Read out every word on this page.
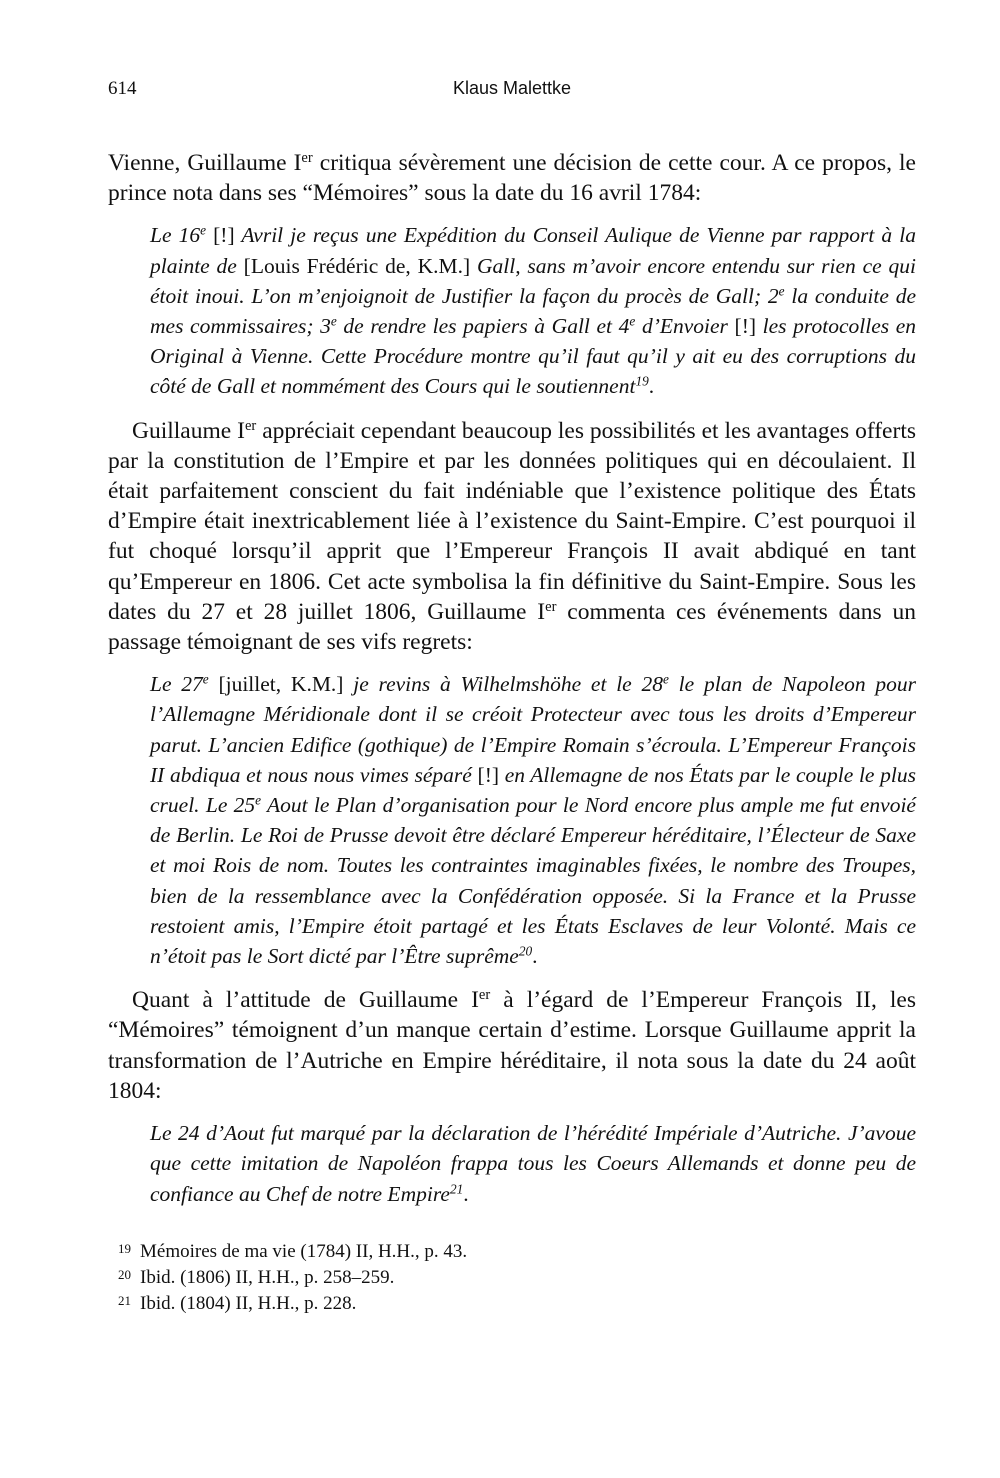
614	Klaus Malettke

Vienne, Guillaume Ier critiqua sévèrement une décision de cette cour. A ce propos, le prince nota dans ses “Mémoires” sous la date du 16 avril 1784:

Le 16e [!] Avril je reçus une Expédition du Conseil Aulique de Vienne par rapport à la plainte de [Louis Frédéric de, K.M.] Gall, sans m’avoir encore entendu sur rien ce qui étoit inoui. L’on m’enjoignoit de Justifier la façon du procès de Gall; 2e la conduite de mes commissaires; 3e de rendre les papiers à Gall et 4e d’Envoier [!] les protocolles en Original à Vienne. Cette Procédure montre qu’il faut qu’il y ait eu des corruptions du côté de Gall et nommément des Cours qui le soutiennent$^{19}$.

Guillaume Ier appréciait cependant beaucoup les possibilités et les avantages offerts par la constitution de l’Empire et par les données politiques qui en découlaient. Il était parfaitement conscient du fait indéniable que l’existence politique des États d’Empire était inextricablement liée à l’existence du Saint-Empire. C’est pourquoi il fut choqué lorsqu’il apprit que l’Empereur François II avait abdiqué en tant qu’Empereur en 1806. Cet acte symbolisa la fin définitive du Saint-Empire. Sous les dates du 27 et 28 juillet 1806, Guillaume Ier commenta ces événements dans un passage témoignant de ses vifs regrets:

Le 27e [juillet, K.M.] je revins à Wilhelmshöhe et le 28e le plan de Napoleon pour l’Allemagne Méridionale dont il se créoit Protecteur avec tous les droits d’Empereur parut. L’ancien Edifice (gothique) de l’Empire Romain s’écroula. L’Empereur François II abdiqua et nous nous vimes séparé [!] en Allemagne de nos États par le couple le plus cruel. Le 25e Aout le Plan d’organisation pour le Nord encore plus ample me fut envoié de Berlin. Le Roi de Prusse devoit être déclaré Empereur héréditaire, l’Électeur de Saxe et moi Rois de nom. Toutes les contraintes imaginables fixées, le nombre des Troupes, bien de la ressemblance avec la Confédération opposée. Si la France et la Prusse restoient amis, l’Empire étoit partagé et les États Esclaves de leur Volonté. Mais ce n’étoit pas le Sort dicté par l’Être suprême$^{20}$.

Quant à l’attitude de Guillaume Ier à l’égard de l’Empereur François II, les “Mémoires” témoignent d’un manque certain d’estime. Lorsque Guillaume apprit la transformation de l’Autriche en Empire héréditaire, il nota sous la date du 24 août 1804:

Le 24 d’Aout fut marqué par la déclaration de l’hérédité Impériale d’Autriche. J’avoue que cette imitation de Napoléon frappa tous les Coeurs Allemands et donne peu de confiance au Chef de notre Empire$^{21}$.
19 Mémoires de ma vie (1784) II, H.H., p. 43.
20 Ibid. (1806) II, H.H., p. 258–259.
21 Ibid. (1804) II, H.H., p. 228.
